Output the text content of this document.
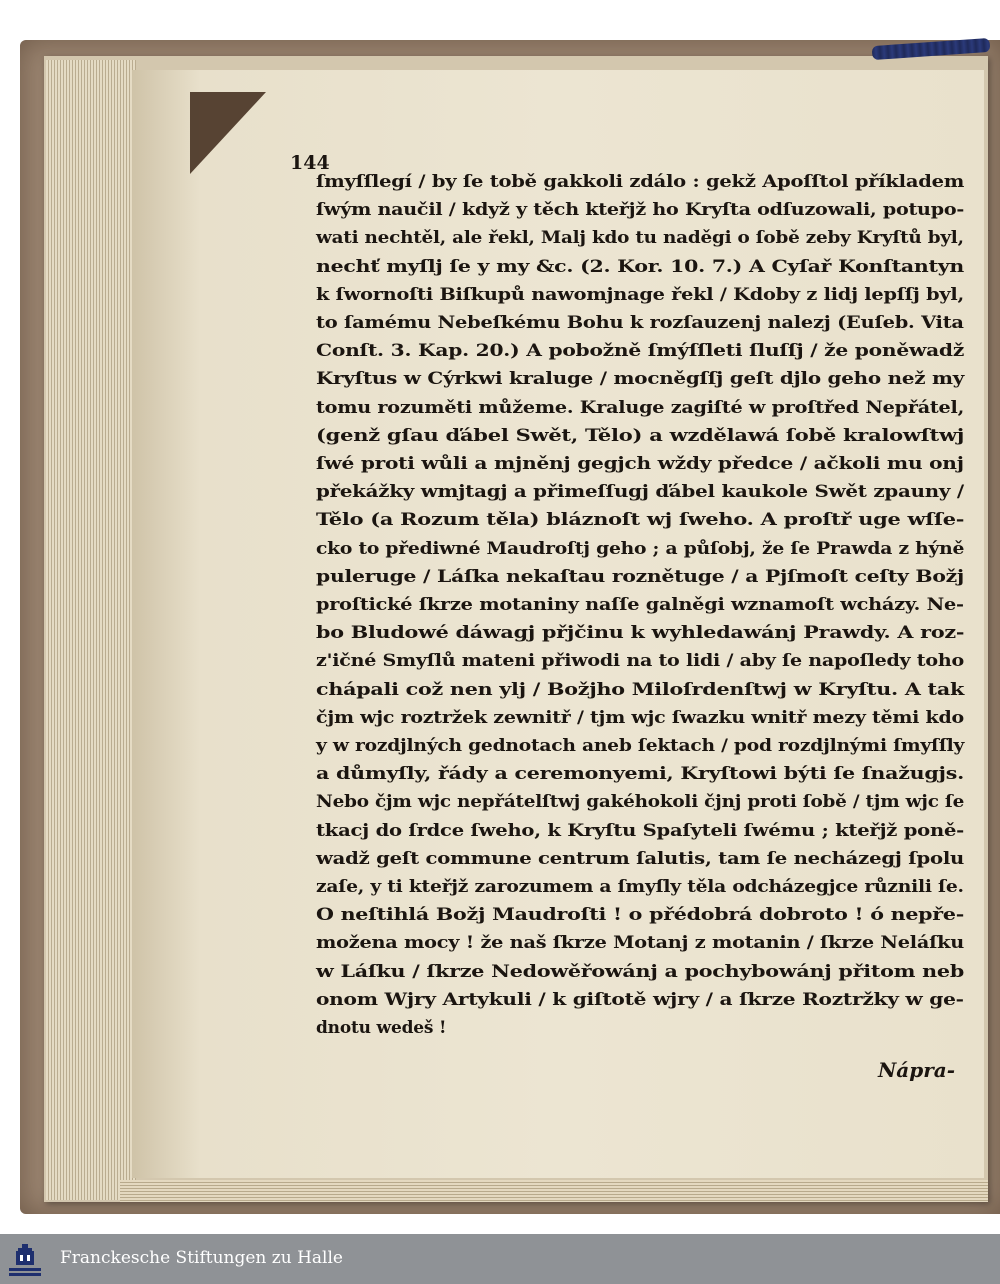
144
ſmyſſlegí / by ſe tobě gakkoli zdálo : gekž Apoſſtol příkladem
ſwým naučil / když y těch kteřjž ho Kryſta odſuzowali, potupo-
wati nechtěl, ale řekl, Malj kdo tu naděgi o ſobě zeby Kryſtů byl,
nechť myſlj ſe y my &c. (2. Kor. 10. 7.) A Cyſař Konſtantyn
k ſwornoſti Biſkupů nawomjnage řekl / Kdoby z lidj lepſſj byl,
to ſamému Nebeſkému Bohu k rozſauzenj nalezj (Euſeb. Vita
Conſt. 3. Kap. 20.) A pobožně ſmýſſleti ſluſſj / že poněwadž
Kryſtus w Cýrkwi kraluge / mocněgſſj geſt djlo geho než my
tomu rozuměti můžeme. Kraluge zagiſté w proſtřed Nepřátel,
(genž gſau ďábel Swět, Tělo) a wzdělawá ſobě kralowſtwj
ſwé proti wůli a mjněnj gegjch wždy předce / ačkoli mu onj
překážky wmjtagj a přimeſſugj ďábel kaukole Swět zpauny /
Tělo (a Rozum těla) bláznoſt wj ſweho. A proſtř uge wſſe-
cko to přediwné Maudroſtj geho ; a půſobj, že ſe Prawda z hýně
puleruge / Láſka nekaſtau roznětuge / a Pjſmoſt ceſty Božj
proſtické ſkrze motaniny naſſe galněgi wznamoſt wcházy. Ne-
bo Bludowé dáwagj přjčinu k wyhledawánj Prawdy. A roz-
z'ičné Smyſlů mateni přiwodi na to lidi / aby ſe napoſledy toho
chápali což nen ylj / Božjho Miloſrdenſtwj w Kryſtu. A tak
čjm wjc roztržek zewnitř / tjm wjc ſwazku wnitř mezy těmi kdo
y w rozdjlných gednotach aneb ſektach / pod rozdjlnými ſmyſſly
a důmyſly, řády a ceremonyemi, Kryſtowi býti ſe ſnažugjs.
Nebo čjm wjc nepřátelſtwj gakéhokoli čjnj proti ſobě / tjm wjc ſe
tkacj do ſrdce ſweho, k Kryſtu Spaſyteli ſwému ; kteřjž poně-
wadž geſt commune centrum ſalutis, tam ſe necházegj ſpolu
zaſe, y ti kteřjž zarozumem a ſmyſly těla odcházegjce různili ſe.
O neſtihlá Božj Maudroſti ! o přédobrá dobroto ! ó nepře-
možena mocy ! že naš ſkrze Motanj z motanin / ſkrze Neláſku
w Láſku / ſkrze Nedowěřowánj a pochybowánj přitom neb
onom Wjry Artykuli / k giſtotě wjry / a ſkrze Roztržky w ge-
dnotu wedeš !
Nápra-
Franckesche Stiftungen zu Halle
